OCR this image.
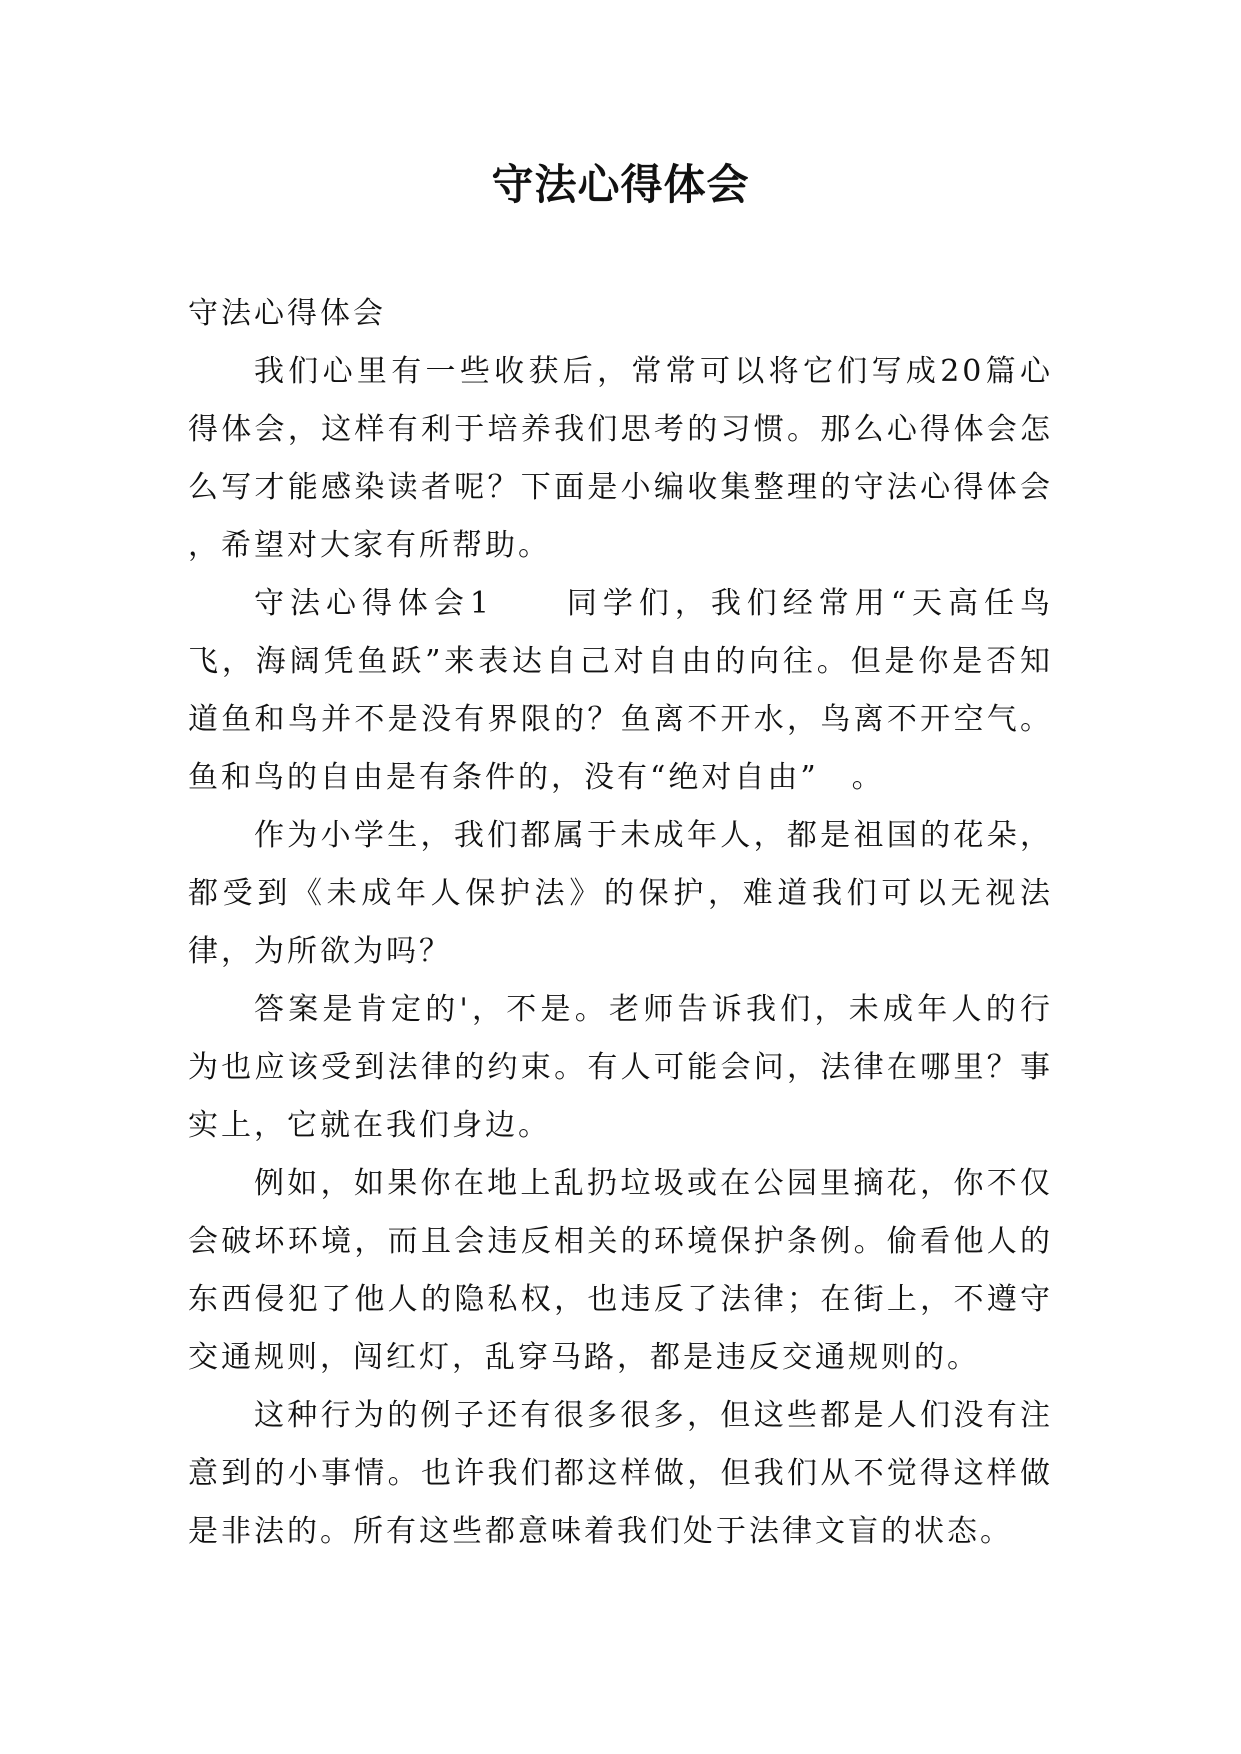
守法心得体会

守法心得体会

我们心里有一些收获后，常常可以将它们写成20篇心得体会，这样有利于培养我们思考的习惯。那么心得体会怎么写才能感染读者呢？下面是小编收集整理的守法心得体会 ，希望对大家有所帮助。

守法心得体会1　　同学们，我们经常用“天高任鸟飞，海阔凭鱼跃”来表达自己对自由的向往。但是你是否知道鱼和鸟并不是没有界限的？鱼离不开水，鸟离不开空气。鱼和鸟的自由是有条件的，没有“绝对自由”　。

作为小学生，我们都属于未成年人，都是祖国的花朵，都受到《未成年人保护法》的保护，难道我们可以无视法律，为所欲为吗？

答案是肯定的'，不是。老师告诉我们，未成年人的行为也应该受到法律的约束。有人可能会问，法律在哪里？事实上，它就在我们身边。

例如，如果你在地上乱扔垃圾或在公园里摘花，你不仅会破坏环境，而且会违反相关的环境保护条例。偷看他人的东西侵犯了他人的隐私权，也违反了法律；在街上，不遵守交通规则，闯红灯，乱穿马路，都是违反交通规则的。

这种行为的例子还有很多很多，但这些都是人们没有注意到的小事情。也许我们都这样做，但我们从不觉得这样做是非法的。所有这些都意味着我们处于法律文盲的状态。
